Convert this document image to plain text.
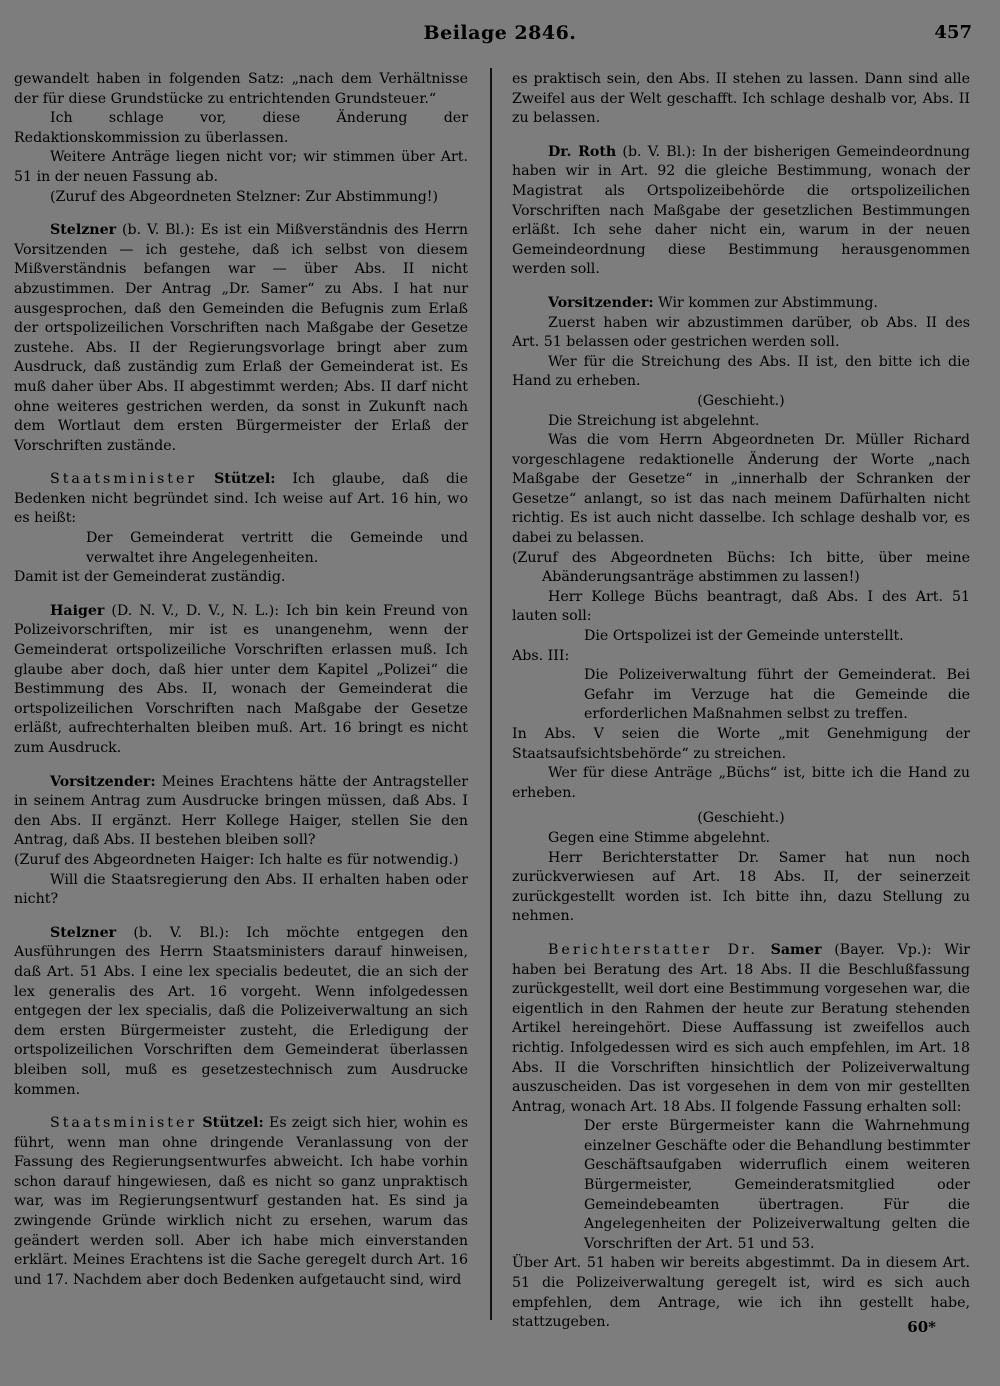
Beilage 2846.	457

gewandelt haben in folgenden Satz: „nach dem Verhältnisse der für diese Grundstücke zu entrichtenden Grundsteuer.“

Ich schlage vor, diese Änderung der Redaktionskommission zu überlassen.

Weitere Anträge liegen nicht vor; wir stimmen über Art. 51 in der neuen Fassung ab.

(Zuruf des Abgeordneten Stelzner: Zur Abstimmung!)

Stelzner (b. V. Bl.): Es ist ein Mißverständnis des Herrn Vorsitzenden — ich gestehe, daß ich selbst von diesem Mißverständnis befangen war — über Abs. II nicht abzustimmen. Der Antrag „Dr. Samer“ zu Abs. I hat nur ausgesprochen, daß den Gemeinden die Befugnis zum Erlaß der ortspolizeilichen Vorschriften nach Maßgabe der Gesetze zustehe. Abs. II der Regierungsvorlage bringt aber zum Ausdruck, daß zuständig zum Erlaß der Gemeinderat ist. Es muß daher über Abs. II abgestimmt werden; Abs. II darf nicht ohne weiteres gestrichen werden, da sonst in Zukunft nach dem Wortlaut dem ersten Bürgermeister der Erlaß der Vorschriften zustände.

Staatsminister Stützel: Ich glaube, daß die Bedenken nicht begründet sind. Ich weise auf Art. 16 hin, wo es heißt:

Der Gemeinderat vertritt die Gemeinde und verwaltet ihre Angelegenheiten.

Damit ist der Gemeinderat zuständig.

Haiger (D. N. V., D. V., N. L.): Ich bin kein Freund von Polizeivorschriften, mir ist es unangenehm, wenn der Gemeinderat ortspolizeiliche Vorschriften erlassen muß. Ich glaube aber doch, daß hier unter dem Kapitel „Polizei“ die Bestimmung des Abs. II, wonach der Gemeinderat die ortspolizeilichen Vorschriften nach Maßgabe der Gesetze erläßt, aufrechterhalten bleiben muß. Art. 16 bringt es nicht zum Ausdruck.

Vorsitzender: Meines Erachtens hätte der Antragsteller in seinem Antrag zum Ausdrucke bringen müssen, daß Abs. I den Abs. II ergänzt. Herr Kollege Haiger, stellen Sie den Antrag, daß Abs. II bestehen bleiben soll?

(Zuruf des Abgeordneten Haiger: Ich halte es für notwendig.)

Will die Staatsregierung den Abs. II erhalten haben oder nicht?

Stelzner (b. V. Bl.): Ich möchte entgegen den Ausführungen des Herrn Staatsministers darauf hinweisen, daß Art. 51 Abs. I eine lex specialis bedeutet, die an sich der lex generalis des Art. 16 vorgeht. Wenn infolgedessen entgegen der lex specialis, daß die Polizeiverwaltung an sich dem ersten Bürgermeister zusteht, die Erledigung der ortspolizeilichen Vorschriften dem Gemeinderat überlassen bleiben soll, muß es gesetzestechnisch zum Ausdrucke kommen.

Staatsminister Stützel: Es zeigt sich hier, wohin es führt, wenn man ohne dringende Veranlassung von der Fassung des Regierungsentwurfes abweicht. Ich habe vorhin schon darauf hingewiesen, daß es nicht so ganz unpraktisch war, was im Regierungsentwurf gestanden hat. Es sind ja zwingende Gründe wirklich nicht zu ersehen, warum das geändert werden soll. Aber ich habe mich einverstanden erklärt. Meines Erachtens ist die Sache geregelt durch Art. 16 und 17. Nachdem aber doch Bedenken aufgetaucht sind, wird

es praktisch sein, den Abs. II stehen zu lassen. Dann sind alle Zweifel aus der Welt geschafft. Ich schlage deshalb vor, Abs. II zu belassen.

Dr. Roth (b. V. Bl.): In der bisherigen Gemeindeordnung haben wir in Art. 92 die gleiche Bestimmung, wonach der Magistrat als Ortspolizeibehörde die ortspolizeilichen Vorschriften nach Maßgabe der gesetzlichen Bestimmungen erläßt. Ich sehe daher nicht ein, warum in der neuen Gemeindeordnung diese Bestimmung herausgenommen werden soll.

Vorsitzender: Wir kommen zur Abstimmung.

Zuerst haben wir abzustimmen darüber, ob Abs. II des Art. 51 belassen oder gestrichen werden soll.

Wer für die Streichung des Abs. II ist, den bitte ich die Hand zu erheben.

(Geschieht.)

Die Streichung ist abgelehnt.

Was die vom Herrn Abgeordneten Dr. Müller Richard vorgeschlagene redaktionelle Änderung der Worte „nach Maßgabe der Gesetze“ in „innerhalb der Schranken der Gesetze“ anlangt, so ist das nach meinem Dafürhalten nicht richtig. Es ist auch nicht dasselbe. Ich schlage deshalb vor, es dabei zu belassen.

(Zuruf des Abgeordneten Büchs: Ich bitte, über meine Abänderungsanträge abstimmen zu lassen!)

Herr Kollege Büchs beantragt, daß Abs. I des Art. 51 lauten soll:

Die Ortspolizei ist der Gemeinde unterstellt.

Abs. III:

Die Polizeiverwaltung führt der Gemeinderat. Bei Gefahr im Verzuge hat die Gemeinde die erforderlichen Maßnahmen selbst zu treffen.

In Abs. V seien die Worte „mit Genehmigung der Staatsaufsichtsbehörde“ zu streichen.

Wer für diese Anträge „Büchs“ ist, bitte ich die Hand zu erheben.

(Geschieht.)

Gegen eine Stimme abgelehnt.

Herr Berichterstatter Dr. Samer hat nun noch zurückverwiesen auf Art. 18 Abs. II, der seinerzeit zurückgestellt worden ist. Ich bitte ihn, dazu Stellung zu nehmen.

Berichterstatter Dr. Samer (Bayer. Vp.): Wir haben bei Beratung des Art. 18 Abs. II die Beschlußfassung zurückgestellt, weil dort eine Bestimmung vorgesehen war, die eigentlich in den Rahmen der heute zur Beratung stehenden Artikel hereingehört. Diese Auffassung ist zweifellos auch richtig. Infolgedessen wird es sich auch empfehlen, im Art. 18 Abs. II die Vorschriften hinsichtlich der Polizeiverwaltung auszuscheiden. Das ist vorgesehen in dem von mir gestellten Antrag, wonach Art. 18 Abs. II folgende Fassung erhalten soll:

Der erste Bürgermeister kann die Wahrnehmung einzelner Geschäfte oder die Behandlung bestimmter Geschäftsaufgaben widerruflich einem weiteren Bürgermeister, Gemeinderatsmitglied oder Gemeindebeamten übertragen. Für die Angelegenheiten der Polizeiverwaltung gelten die Vorschriften der Art. 51 und 53.

Über Art. 51 haben wir bereits abgestimmt. Da in diesem Art. 51 die Polizeiverwaltung geregelt ist, wird es sich auch empfehlen, dem Antrage, wie ich ihn gestellt habe, stattzugeben.	60*
